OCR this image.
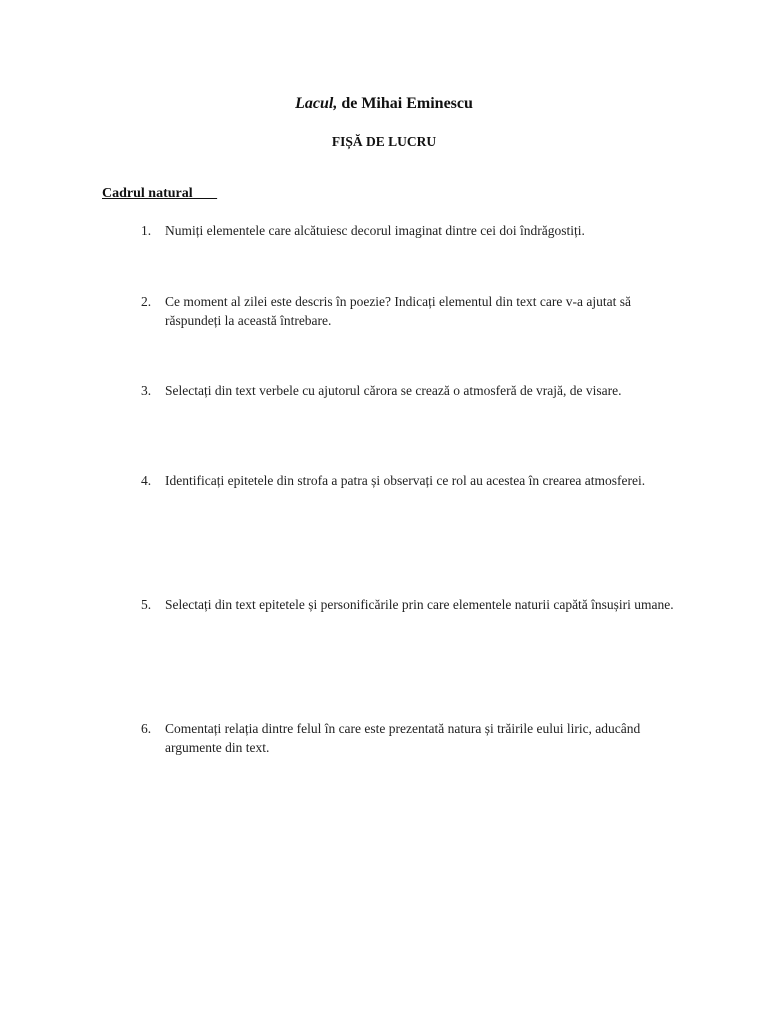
Lacul, de Mihai Eminescu
FIȘĂ DE LUCRU
Cadrul natural
1. Numiți elementele care alcătuiesc decorul imaginat dintre cei doi îndrăgostiți.
2. Ce moment al zilei este descris în poezie? Indicați elementul din text care v-a ajutat să răspundeți la această întrebare.
3. Selectați din text verbele cu ajutorul cărora se crează o atmosferă de vrajă, de visare.
4. Identificați epitetele din strofa a patra și observați ce rol au acestea în crearea atmosferei.
5. Selectați din text epitetele și personificările prin care elementele naturii capătă însușiri umane.
6. Comentați relația dintre felul în care este prezentată natura și trăirile eului liric, aducând argumente din text.
